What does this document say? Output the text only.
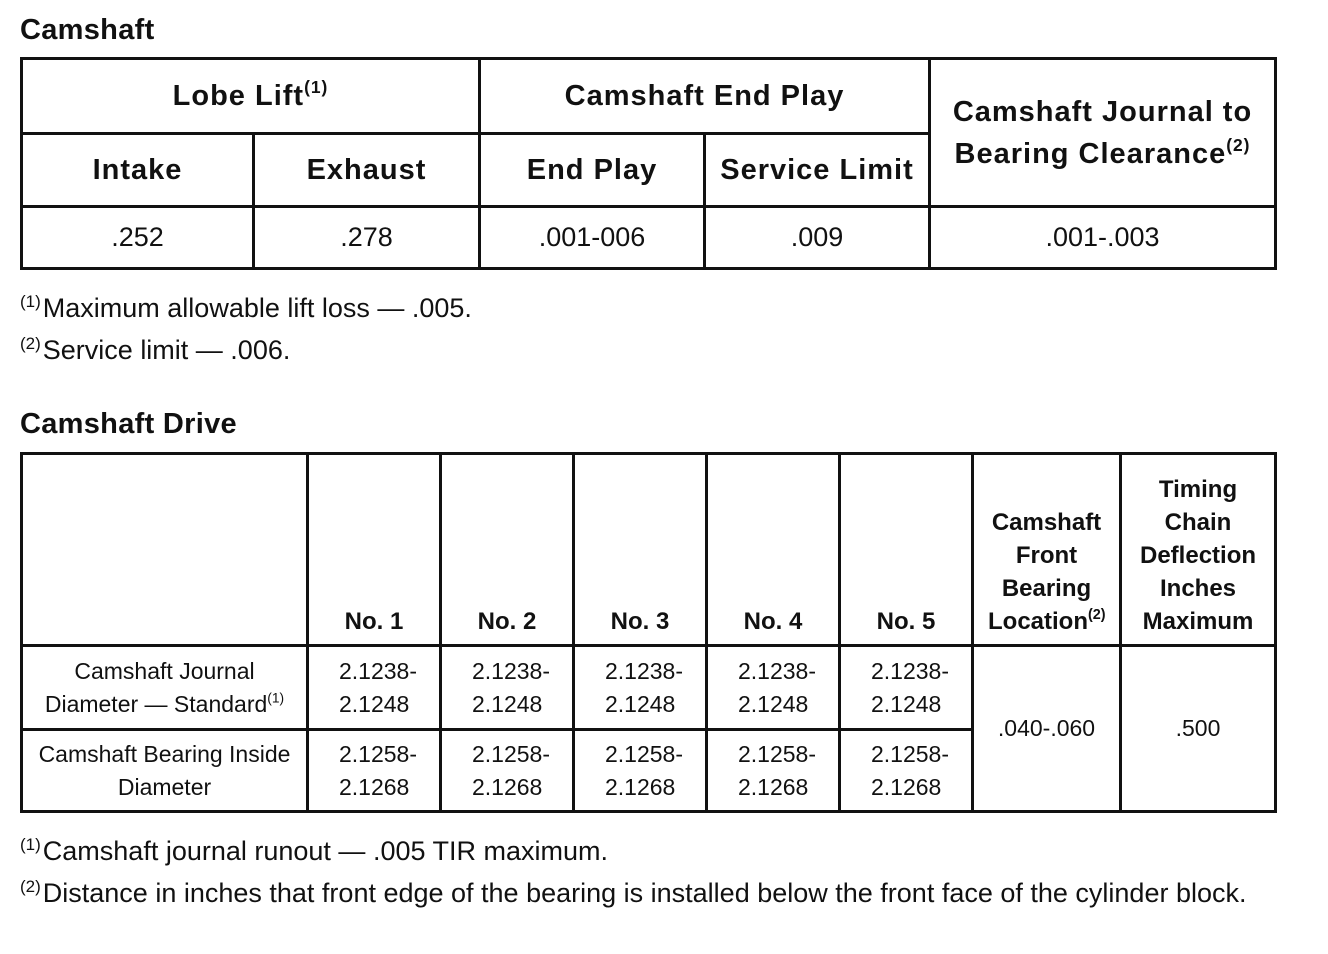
Camshaft
Lobe Lift$^{(1)}$		Camshaft End Play		Camshaft Journal to Bearing Clearance$^{(2)}$
Intake	Exhaust	End Play	Service Limit	
.252	.278	.001-006	.009	.001-.003

$^{(1)}$Maximum allowable lift loss — .005.

$^{(2)}$Service limit — .006.

Camshaft Drive
	No. 1	No. 2	No. 3	No. 4	No. 5	Camshaft Front Bearing Location$^{(2)}$	Timing Chain Deflection Inches Maximum
Camshaft Journal Diameter — Standard$^{(1)}$	2.1238-2.1248	2.1238-2.1248	2.1238-2.1248	2.1238-2.1248	2.1238-2.1248	.040-.060	.500
Camshaft Bearing Inside Diameter	2.1258-2.1268	2.1258-2.1268	2.1258-2.1268	2.1258-2.1268	2.1258-2.1268		

$^{(1)}$Camshaft journal runout — .005 TIR maximum.

$^{(2)}$Distance in inches that front edge of the bearing is installed below the front face of the cylinder block.
